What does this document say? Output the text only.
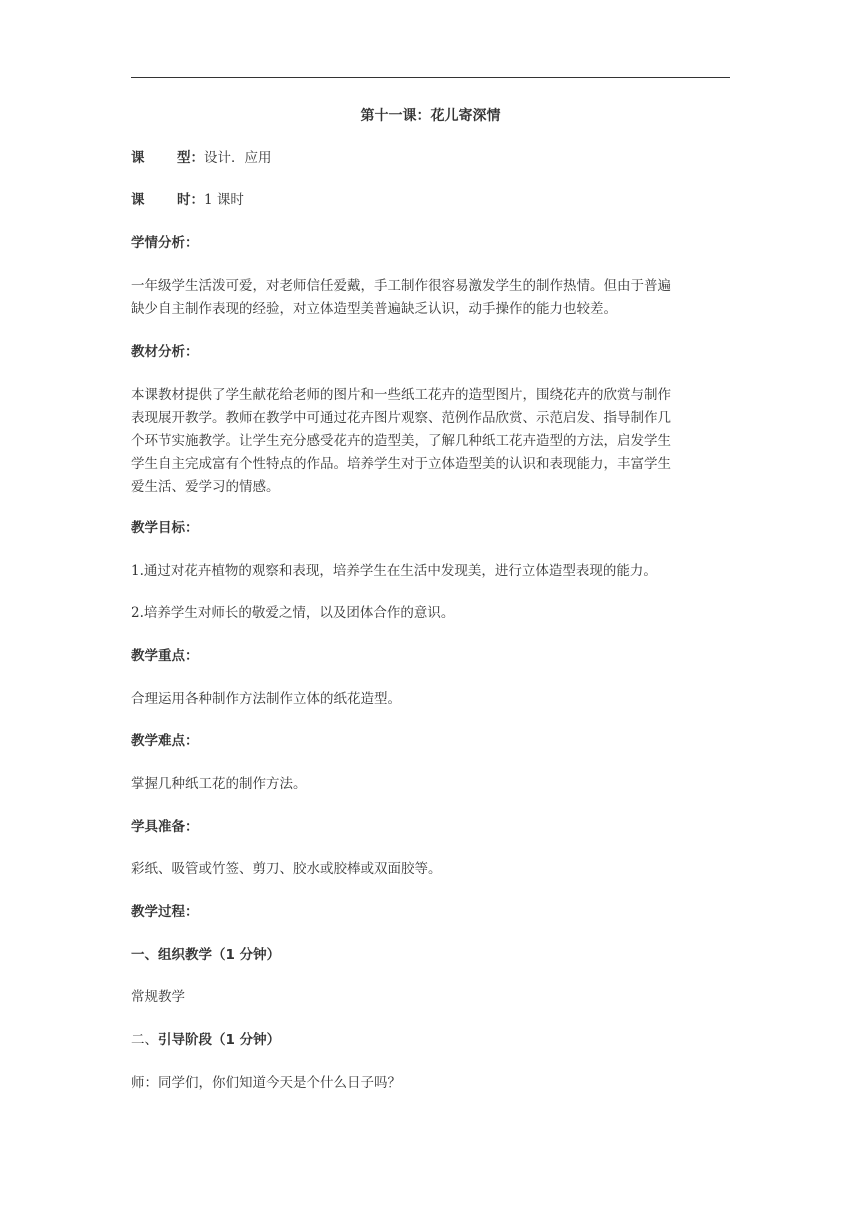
第十一课：花儿寄深情
课 型：设计．应用
课 时：1 课时
学情分析：
一年级学生活泼可爱，对老师信任爱戴，手工制作很容易激发学生的制作热情。但由于普遍
缺少自主制作表现的经验，对立体造型美普遍缺乏认识，动手操作的能力也较差。
教材分析：
本课教材提供了学生献花给老师的图片和一些纸工花卉的造型图片，围绕花卉的欣赏与制作
表现展开教学。教师在教学中可通过花卉图片观察、范例作品欣赏、示范启发、指导制作几
个环节实施教学。让学生充分感受花卉的造型美，了解几种纸工花卉造型的方法，启发学生
学生自主完成富有个性特点的作品。培养学生对于立体造型美的认识和表现能力，丰富学生
爱生活、爱学习的情感。
教学目标：
1.通过对花卉植物的观察和表现，培养学生在生活中发现美，进行立体造型表现的能力。
2.培养学生对师长的敬爱之情，以及团体合作的意识。
教学重点：
合理运用各种制作方法制作立体的纸花造型。
教学难点：
掌握几种纸工花的制作方法。
学具准备：
彩纸、吸管或竹签、剪刀、胶水或胶棒或双面胶等。
教学过程：
一、组织教学（1 分钟）
常规教学
二、引导阶段（1 分钟）
师：同学们，你们知道今天是个什么日子吗？
